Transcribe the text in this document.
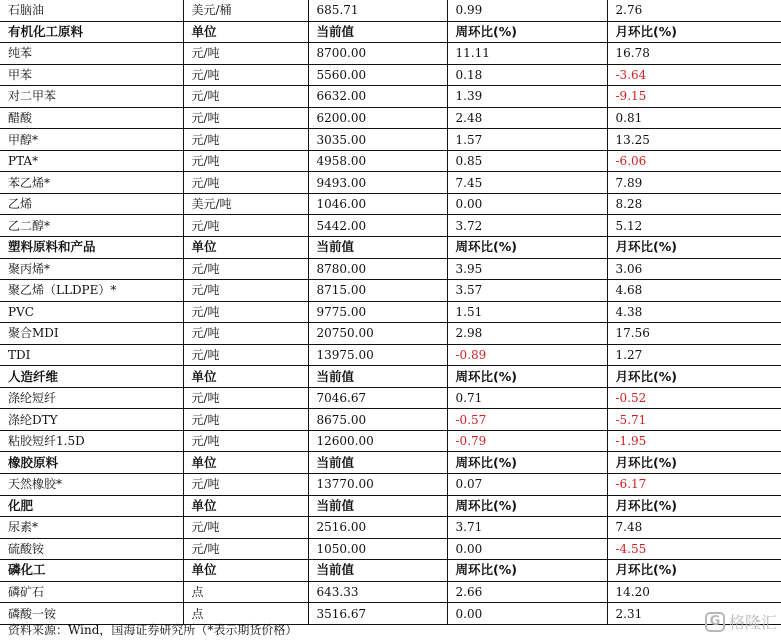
石脑油	美元/桶	685.71	0.99	2.76
有机化工原料	单位	当前值	周环比(%)	月环比(%)
纯苯	元/吨	8700.00	11.11	16.78
甲苯	元/吨	5560.00	0.18	-3.64
对二甲苯	元/吨	6632.00	1.39	-9.15
醋酸	元/吨	6200.00	2.48	0.81
甲醇*	元/吨	3035.00	1.57	13.25
PTA*	元/吨	4958.00	0.85	-6.06
苯乙烯*	元/吨	9493.00	7.45	7.89
乙烯	美元/吨	1046.00	0.00	8.28
乙二醇*	元/吨	5442.00	3.72	5.12
塑料原料和产品	单位	当前值	周环比(%)	月环比(%)
聚丙烯*	元/吨	8780.00	3.95	3.06
聚乙烯（LLDPE）*	元/吨	8715.00	3.57	4.68
PVC	元/吨	9775.00	1.51	4.38
聚合MDI	元/吨	20750.00	2.98	17.56
TDI	元/吨	13975.00	-0.89	1.27
人造纤维	单位	当前值	周环比(%)	月环比(%)
涤纶短纤	元/吨	7046.67	0.71	-0.52
涤纶DTY	元/吨	8675.00	-0.57	-5.71
粘胶短纤1.5D	元/吨	12600.00	-0.79	-1.95
橡胶原料	单位	当前值	周环比(%)	月环比(%)
天然橡胶*	元/吨	13770.00	0.07	-6.17
化肥	单位	当前值	周环比(%)	月环比(%)
尿素*	元/吨	2516.00	3.71	7.48
硫酸铵	元/吨	1050.00	0.00	-4.55
磷化工	单位	当前值	周环比(%)	月环比(%)
磷矿石	点	643.33	2.66	14.20
磷酸一铵	点	3516.67	0.00	2.31
资料来源：Wind，国海证券研究所（*表示期货价格）
G 格隆汇
